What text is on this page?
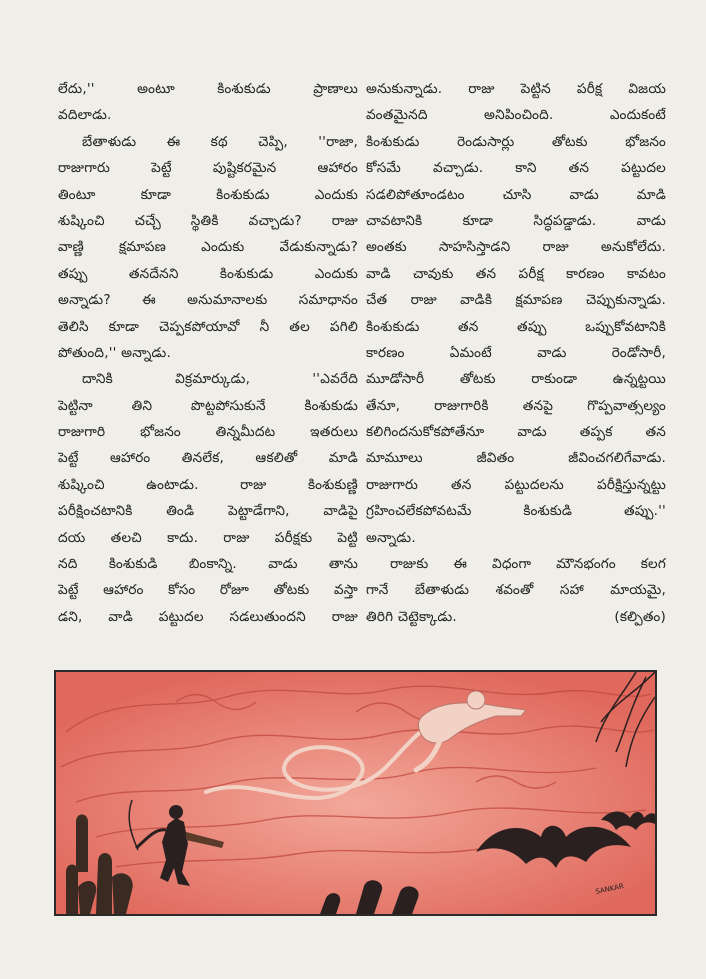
లేదు,'' అంటూ కింశుకుడు ప్రాణాలు
వదిలాడు.
బేతాళుడు ఈ కథ చెప్పి, ''రాజా,
రాజుగారు పెట్టే పుష్టికరమైన ఆహారం
తింటూ కూడా కింశుకుడు ఎందుకు
శుష్కించి చచ్చే స్థితికి వచ్చాడు? రాజు
వాణ్ణి క్షమాపణ ఎందుకు వేడుకున్నాడు?
తప్పు తనదేనని కింశుకుడు ఎందుకు
అన్నాడు? ఈ అనుమానాలకు సమాధానం
తెలిసి కూడా చెప్పకపోయావో నీ తల పగిలి
పోతుంది,'' అన్నాడు.
దానికి విక్రమార్కుడు, ''ఎవరేది
పెట్టినా తిని పొట్టపోసుకునే కింశుకుడు
రాజుగారి భోజనం తిన్నమీదట ఇతరులు
పెట్టే ఆహారం తినలేక, ఆకలితో మాడి
శుష్కించి ఉంటాడు. రాజు కింశుకుణ్ణి
పరీక్షించటానికి తిండి పెట్టాడేగాని, వాడిపై
దయ తలచి కాదు. రాజు పరీక్షకు పెట్టి
నది కింశుకుడి బింకాన్ని. వాడు తాను
పెట్టే ఆహారం కోసం రోజూ తోటకు వస్తా
డని, వాడి పట్టుదల సడలుతుందని రాజు
అనుకున్నాడు. రాజు పెట్టిన పరీక్ష విజయ
వంతమైనది అనిపించింది. ఎందుకంటే
కింశుకుడు రెండుసార్లు తోటకు భోజనం
కోసమే వచ్చాడు. కాని తన పట్టుదల
సడలిపోతూండటం చూసి వాడు మాడి
చావటానికి కూడా సిద్ధపడ్డాడు. వాడు
అంతకు సాహసిస్తాడని రాజు అనుకోలేదు.
వాడి చావుకు తన పరీక్ష కారణం కావటం
చేత రాజు వాడికి క్షమాపణ చెప్పుకున్నాడు.
కింశుకుడు తన తప్పు ఒప్పుకోవటానికి
కారణం ఏమంటే వాడు రెండోసారీ,
మూడోసారీ తోటకు రాకుండా ఉన్నట్టయి
తేనూ, రాజుగారికి తనపై గొప్పవాత్సల్యం
కలిగిందనుకోకపోతేనూ వాడు తప్పక తన
మామూలు జీవితం జీవించగలిగేవాడు.
రాజుగారు తన పట్టుదలను పరీక్షిస్తున్నట్టు
గ్రహించలేకపోవటమే కింశుకుడి తప్పు.''
అన్నాడు.
రాజుకు ఈ విధంగా మౌనభంగం కలగ
గానే బేతాళుడు శవంతో సహా మాయమై,
తిరిగి చెట్టెక్కాడు.	(కల్పితం)
SANKAR
